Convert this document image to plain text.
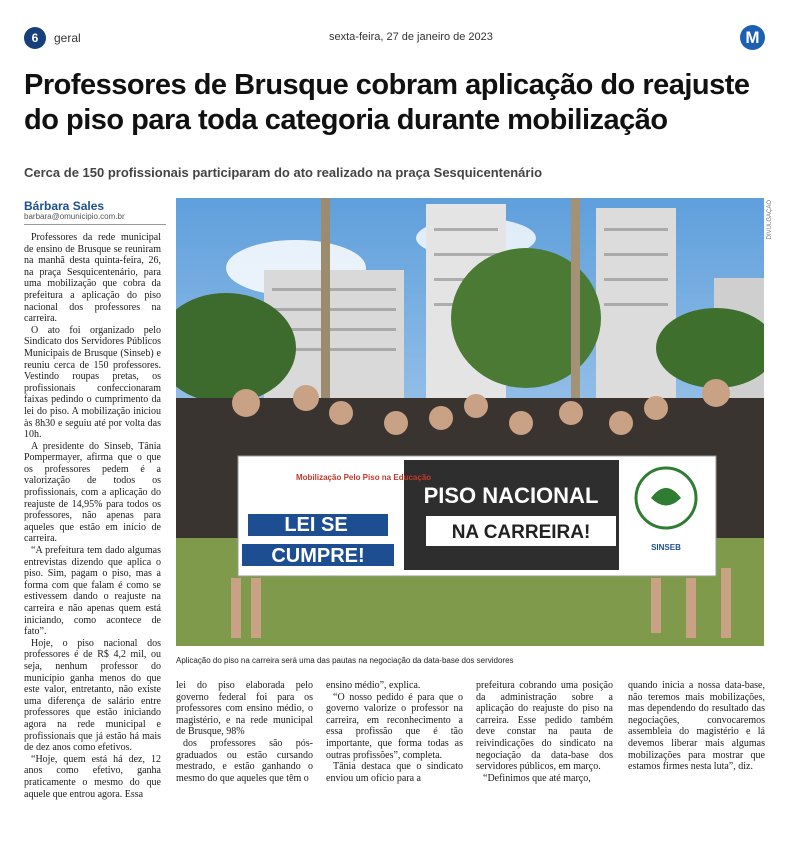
6	geral	sexta-feira, 27 de janeiro de 2023	M
Professores de Brusque cobram aplicação do reajuste do piso para toda categoria durante mobilização
Cerca de 150 profissionais participaram do ato realizado na praça Sesquicentenário
Bárbara Sales
barbara@omunicipio.com.br

Professores da rede municipal de ensino de Brusque se reuniram na manhã desta quinta-feira, 26, na praça Sesquicentenário, para uma mobilização que cobra da prefeitura a aplicação do piso nacional dos professores na carreira.

O ato foi organizado pelo Sindicato dos Servidores Públicos Municipais de Brusque (Sinseb) e reuniu cerca de 150 professores. Vestindo roupas pretas, os profissionais confeccionaram faixas pedindo o cumprimento da lei do piso. A mobilização iniciou às 8h30 e seguiu até por volta das 10h.

A presidente do Sinseb, Tânia Pompermayer, afirma que o que os professores pedem é a valorização de todos os profissionais, com a aplicação do reajuste de 14,95% para todos os professores, não apenas para aqueles que estão em início de carreira.

“A prefeitura tem dado algumas entrevistas dizendo que aplica o piso. Sim, pagam o piso, mas a forma com que falam é como se estivessem dando o reajuste na carreira e não apenas quem está iniciando, como acontece de fato”.

Hoje, o piso nacional dos professores é de R$ 4,2 mil, ou seja, nenhum professor do município ganha menos do que este valor, entretanto, não existe uma diferença de salário entre professores que estão iniciando agora na rede municipal e profissionais que já estão há mais de dez anos como efetivos.

“Hoje, quem está há dez, 12 anos como efetivo, ganha praticamente o mesmo do que aquele que entrou agora. Essa

Mobilização Pelo Piso na Educação
LEI SE
CUMPRE!
PISO NACIONAL
NA CARREIRA!
SINSEB
DIVULGAÇÃO
Aplicação do piso na carreira será uma das pautas na negociação da data-base dos servidores

lei do piso elaborada pelo governo federal foi para os professores com ensino médio, o magistério, e na rede municipal de Brusque, 98%

dos professores são pós-graduados ou estão cursando mestrado, e estão ganhando o mesmo do que aqueles que têm o

ensino médio”, explica.

“O nosso pedido é para que o governo valorize o professor na carreira, em reconhecimento a essa profissão que é tão importante, que forma todas as outras profissões”, completa.

Tânia destaca que o sindicato enviou um ofício para a

prefeitura cobrando uma posição da administração sobre a aplicação do reajuste do piso na carreira. Esse pedido também deve constar na pauta de reivindicações do sindicato na negociação da data-base dos servidores públicos, em março.

“Definimos que até março,

quando inicia a nossa data-base, não teremos mais mobilizações, mas dependendo do resultado das negociações, convocaremos assembleia do magistério e lá devemos liberar mais algumas mobilizações para mostrar que estamos firmes nesta luta”, diz.
